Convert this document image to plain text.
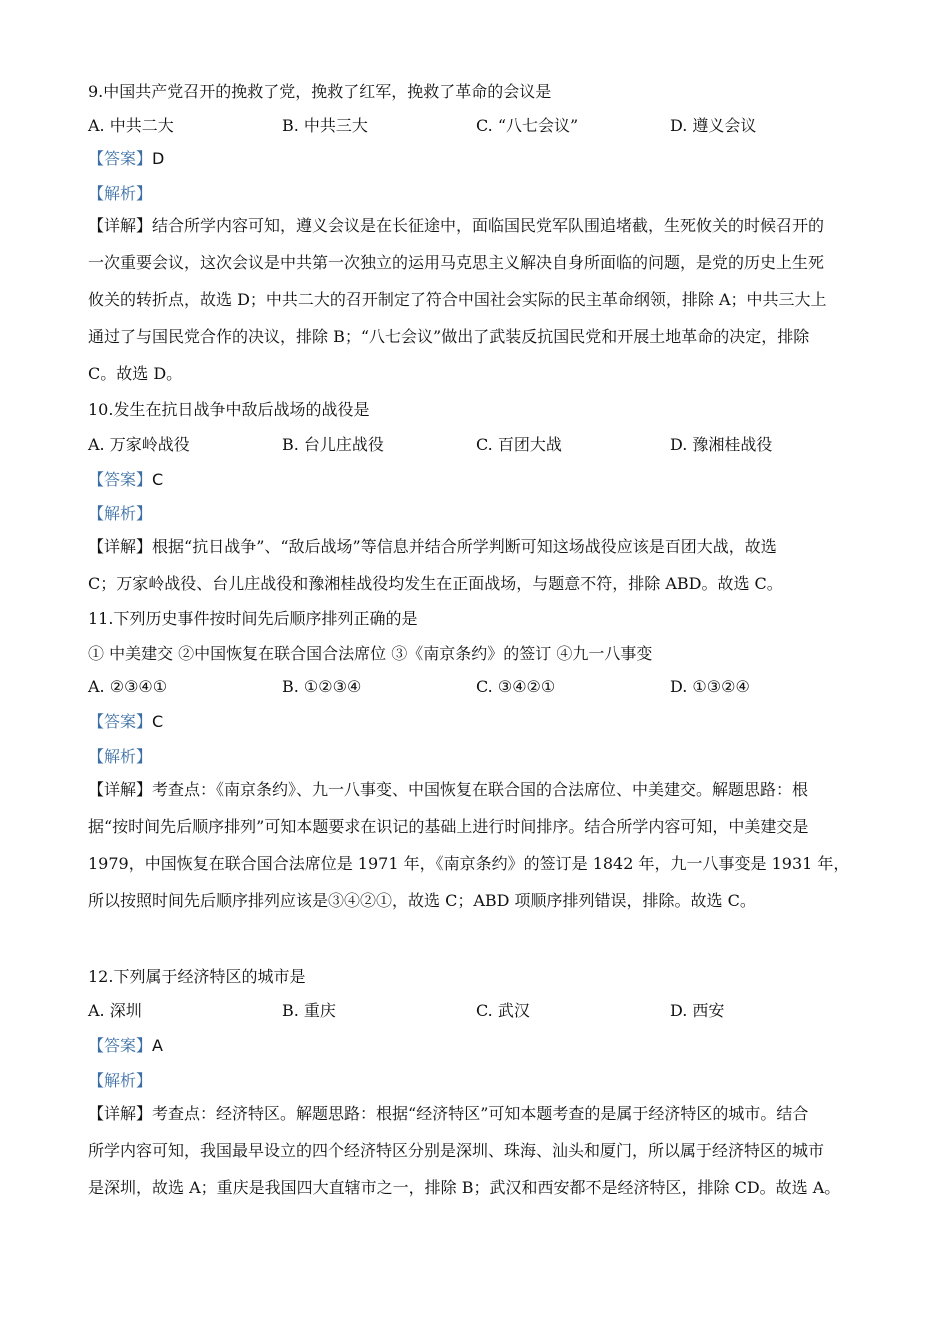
9.中国共产党召开的挽救了党，挽救了红军，挽救了革命的会议是
A. 中共二大	B. 中共三大	C. “八七会议”	D. 遵义会议
【答案】D
【解析】
【详解】结合所学内容可知，遵义会议是在长征途中，面临国民党军队围追堵截，生死攸关的时候召开的
一次重要会议，这次会议是中共第一次独立的运用马克思主义解决自身所面临的问题，是党的历史上生死
攸关的转折点，故选 D；中共二大的召开制定了符合中国社会实际的民主革命纲领，排除 A；中共三大上
通过了与国民党合作的决议，排除 B；“八七会议”做出了武装反抗国民党和开展土地革命的决定，排除
C。故选 D。
10.发生在抗日战争中敌后战场的战役是
A. 万家岭战役	B. 台儿庄战役	C. 百团大战	D. 豫湘桂战役
【答案】C
【解析】
【详解】根据“抗日战争”、“敌后战场”等信息并结合所学判断可知这场战役应该是百团大战，故选
C；万家岭战役、台儿庄战役和豫湘桂战役均发生在正面战场，与题意不符，排除 ABD。故选 C。
11.下列历史事件按时间先后顺序排列正确的是
① 中美建交 ②中国恢复在联合国合法席位 ③《南京条约》的签订 ④九一八事变
A. ②③④①	B. ①②③④	C. ③④②①	D. ①③②④
【答案】C
【解析】
【详解】考查点：《南京条约》、九一八事变、中国恢复在联合国的合法席位、中美建交。解题思路：根
据“按时间先后顺序排列”可知本题要求在识记的基础上进行时间排序。结合所学内容可知，中美建交是
1979，中国恢复在联合国合法席位是 1971 年，《南京条约》的签订是 1842 年，九一八事变是 1931 年，
所以按照时间先后顺序排列应该是③④②①，故选 C；ABD 项顺序排列错误，排除。故选 C。
12.下列属于经济特区的城市是
A. 深圳	B. 重庆	C. 武汉	D. 西安
【答案】A
【解析】
【详解】考查点：经济特区。解题思路：根据“经济特区”可知本题考查的是属于经济特区的城市。结合
所学内容可知，我国最早设立的四个经济特区分别是深圳、珠海、汕头和厦门，所以属于经济特区的城市
是深圳，故选 A；重庆是我国四大直辖市之一，排除 B；武汉和西安都不是经济特区，排除 CD。故选 A。
